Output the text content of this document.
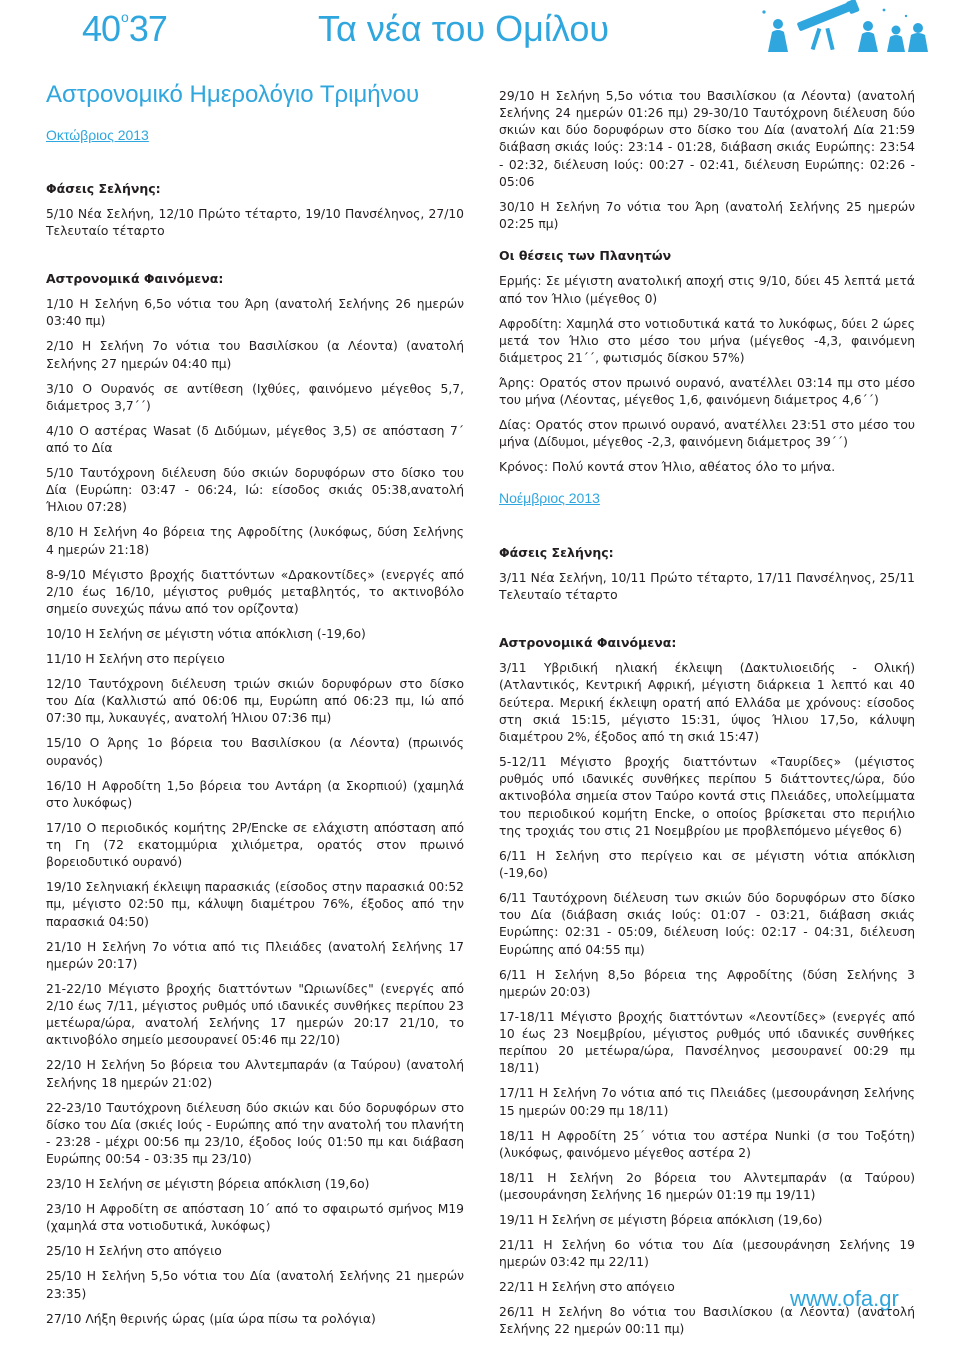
$40^o37$	Τα νέα του Ομίλου
Αστρονομικό Ημερολόγιο Τριμήνου
Οκτώβριος 2013
Φάσεις Σελήνης:

5/10 Νέα Σελήνη, 12/10 Πρώτο τέταρτο, 19/10 Πανσέληνος, 27/10 Τελευταίο τέταρτο

Αστρονομικά Φαινόμενα:

1/10 Η Σελήνη 6,5ο νότια του Άρη (ανατολή Σελήνης 26 ημερών 03:40 πμ)

2/10 Η Σελήνη 7ο νότια του Βασιλίσκου (α Λέοντα) (ανατολή Σελήνης 27 ημερών 04:40 πμ)

3/10 Ο Ουρανός σε αντίθεση (Ιχθύες, φαινόμενο μέγεθος 5,7, διάμετρος 3,7΄΄)

4/10 Ο αστέρας Wasat (δ Διδύμων, μέγεθος 3,5) σε απόσταση 7΄ από το Δία

5/10 Ταυτόχρονη διέλευση δύο σκιών δορυφόρων στο δίσκο του Δία (Ευρώπη: 03:47 - 06:24, Ιώ: είσοδος σκιάς 05:38,ανατολή Ήλιου 07:28)

8/10 Η Σελήνη 4ο βόρεια της Αφροδίτης (λυκόφως, δύση Σελήνης 4 ημερών 21:18)

8-9/10 Μέγιστο βροχής διαττόντων «Δρακοντίδες» (ενεργές από 2/10 έως 16/10, μέγιστος ρυθμός μεταβλητός, το ακτινοβόλο σημείο συνεχώς πάνω από τον ορίζοντα)

10/10 Η Σελήνη σε μέγιστη νότια απόκλιση (-19,6ο)

11/10 Η Σελήνη στο περίγειο

12/10 Ταυτόχρονη διέλευση τριών σκιών δορυφόρων στο δίσκο του Δία (Καλλιστώ από 06:06 πμ, Ευρώπη από 06:23 πμ, Ιώ από 07:30 πμ, λυκαυγές, ανατολή Ήλιου 07:36 πμ)

15/10 Ο Άρης 1ο βόρεια του Βασιλίσκου (α Λέοντα) (πρωινός ουρανός)

16/10 Η Αφροδίτη 1,5ο βόρεια του Αντάρη (α Σκορπιού) (χαμηλά στο λυκόφως)

17/10 Ο περιοδικός κομήτης 2P/Encke σε ελάχιστη απόσταση από τη Γη (72 εκατομμύρια χιλιόμετρα, ορατός στον πρωινό βορειοδυτικό ουρανό)

19/10 Σεληνιακή έκλειψη παρασκιάς (είσοδος στην παρασκιά 00:52 πμ, μέγιστο 02:50 πμ, κάλυψη διαμέτρου 76%, έξοδος από την παρασκιά 04:50)

21/10 Η Σελήνη 7ο νότια από τις Πλειάδες (ανατολή Σελήνης 17 ημερών 20:17)

21-22/10 Μέγιστο βροχής διαττόντων "Ωριωνίδες" (ενεργές από 2/10 έως 7/11, μέγιστος ρυθμός υπό ιδανικές συνθήκες περίπου 23 μετέωρα/ώρα, ανατολή Σελήνης 17 ημερών 20:17 21/10, το ακτινοβόλο σημείο μεσουρανεί 05:46 πμ 22/10)

22/10 Η Σελήνη 5ο βόρεια του Αλντεμπαράν (α Ταύρου) (ανατολή Σελήνης 18 ημερών 21:02)

22-23/10 Ταυτόχρονη διέλευση δύο σκιών και δύο δορυφόρων στο δίσκο του Δία (σκιές Ιούς - Ευρώπης από την ανατολή του πλανήτη - 23:28 - μέχρι 00:56 πμ 23/10, έξοδος Ιούς 01:50 πμ και διάβαση Ευρώπης 00:54 - 03:35 πμ 23/10)

23/10 Η Σελήνη σε μέγιστη βόρεια απόκλιση (19,6ο)

23/10 Η Αφροδίτη σε απόσταση 10΄ από το σφαιρωτό σμήνος M19 (χαμηλά στα νοτιοδυτικά, λυκόφως)

25/10 Η Σελήνη στο απόγειο

25/10 Η Σελήνη 5,5ο νότια του Δία (ανατολή Σελήνης 21 ημερών 23:35)

27/10 Λήξη θερινής ώρας (μία ώρα πίσω τα ρολόγια)

29/10 Η Σελήνη 5,5ο νότια του Βασιλίσκου (α Λέοντα) (ανατολή Σελήνης 24 ημερών 01:26 πμ) 29-30/10 Ταυτόχρονη διέλευση δύο σκιών και δύο δορυφόρων στο δίσκο του Δία (ανατολή Δία 21:59 διάβαση σκιάς Ιούς: 23:14 - 01:28, διάβαση σκιάς Ευρώπης: 23:54 - 02:32, διέλευση Ιούς: 00:27 - 02:41, διέλευση Ευρώπης: 02:26 - 05:06

30/10 Η Σελήνη 7ο νότια του Άρη (ανατολή Σελήνης 25 ημερών 02:25 πμ)

Οι θέσεις των Πλανητών

Ερμής: Σε μέγιστη ανατολική αποχή στις 9/10, δύει 45 λεπτά μετά από τον Ήλιο (μέγεθος 0)

Αφροδίτη: Χαμηλά στο νοτιοδυτικά κατά το λυκόφως, δύει 2 ώρες μετά τον Ήλιο στο μέσο του μήνα (μέγεθος -4,3, φαινόμενη διάμετρος 21΄΄, φωτισμός δίσκου 57%)

Άρης: Ορατός στον πρωινό ουρανό, ανατέλλει 03:14 πμ στο μέσο του μήνα (Λέοντας, μέγεθος 1,6, φαινόμενη διάμετρος 4,6΄΄)

Δίας: Ορατός στον πρωινό ουρανό, ανατέλλει 23:51 στο μέσο του μήνα (Δίδυμοι, μέγεθος -2,3, φαινόμενη διάμετρος 39΄΄)

Κρόνος: Πολύ κοντά στον Ήλιο, αθέατος όλο το μήνα.

Νοέμβριος 2013
Φάσεις Σελήνης:

3/11 Νέα Σελήνη, 10/11 Πρώτο τέταρτο, 17/11 Πανσέληνος, 25/11 Τελευταίο τέταρτο

Αστρονομικά Φαινόμενα:

3/11 Υβριδική ηλιακή έκλειψη (Δακτυλιοειδής - Ολική) (Ατλαντικός, Κεντρική Αφρική, μέγιστη διάρκεια 1 λεπτό και 40 δεύτερα. Μερική έκλειψη ορατή από Ελλάδα με χρόνους: είσοδος στη σκιά 15:15, μέγιστο 15:31, ύψος Ήλιου 17,5ο, κάλυψη διαμέτρου 2%, έξοδος από τη σκιά 15:47)

5-12/11 Μέγιστο βροχής διαττόντων «Ταυρίδες» (μέγιστος ρυθμός υπό ιδανικές συνθήκες περίπου 5 διάττοντες/ώρα, δύο ακτινοβόλα σημεία στον Ταύρο κοντά στις Πλειάδες, υπολείμματα του περιοδικού κομήτη Encke, ο οποίος βρίσκεται στο περιήλιο της τροχιάς του στις 21 Νοεμβρίου με προβλεπόμενο μέγεθος 6)

6/11 Η Σελήνη στο περίγειο και σε μέγιστη νότια απόκλιση (-19,6ο)

6/11 Ταυτόχρονη διέλευση των σκιών δύο δορυφόρων στο δίσκο του Δία (διάβαση σκιάς Ιούς: 01:07 - 03:21, διάβαση σκιάς Ευρώπης: 02:31 - 05:09, διέλευση Ιούς: 02:17 - 04:31, διέλευση Ευρώπης από 04:55 πμ)

6/11 Η Σελήνη 8,5ο βόρεια της Αφροδίτης (δύση Σελήνης 3 ημερών 20:03)

17-18/11 Μέγιστο βροχής διαττόντων «Λεοντίδες» (ενεργές από 10 έως 23 Νοεμβρίου, μέγιστος ρυθμός υπό ιδανικές συνθήκες περίπου 20 μετέωρα/ώρα, Πανσέληνος μεσουρανεί 00:29 πμ 18/11)

17/11 Η Σελήνη 7ο νότια από τις Πλειάδες (μεσουράνηση Σελήνης 15 ημερών 00:29 πμ 18/11)

18/11 Η Αφροδίτη 25΄ νότια του αστέρα Nunki (σ του Τοξότη) (λυκόφως, φαινόμενο μέγεθος αστέρα 2)

18/11 Η Σελήνη 2ο βόρεια του Αλντεμπαράν (α Ταύρου) (μεσουράνηση Σελήνης 16 ημερών 01:19 πμ 19/11)

19/11 Η Σελήνη σε μέγιστη βόρεια απόκλιση (19,6ο)

21/11 Η Σελήνη 6ο νότια του Δία (μεσουράνηση Σελήνης 19 ημερών 03:42 πμ 22/11)

22/11 Η Σελήνη στο απόγειο

26/11 Η Σελήνη 8ο νότια του Βασιλίσκου (α Λέοντα) (ανατολή Σελήνης 22 ημερών 00:11 πμ)

www.ofa.gr
